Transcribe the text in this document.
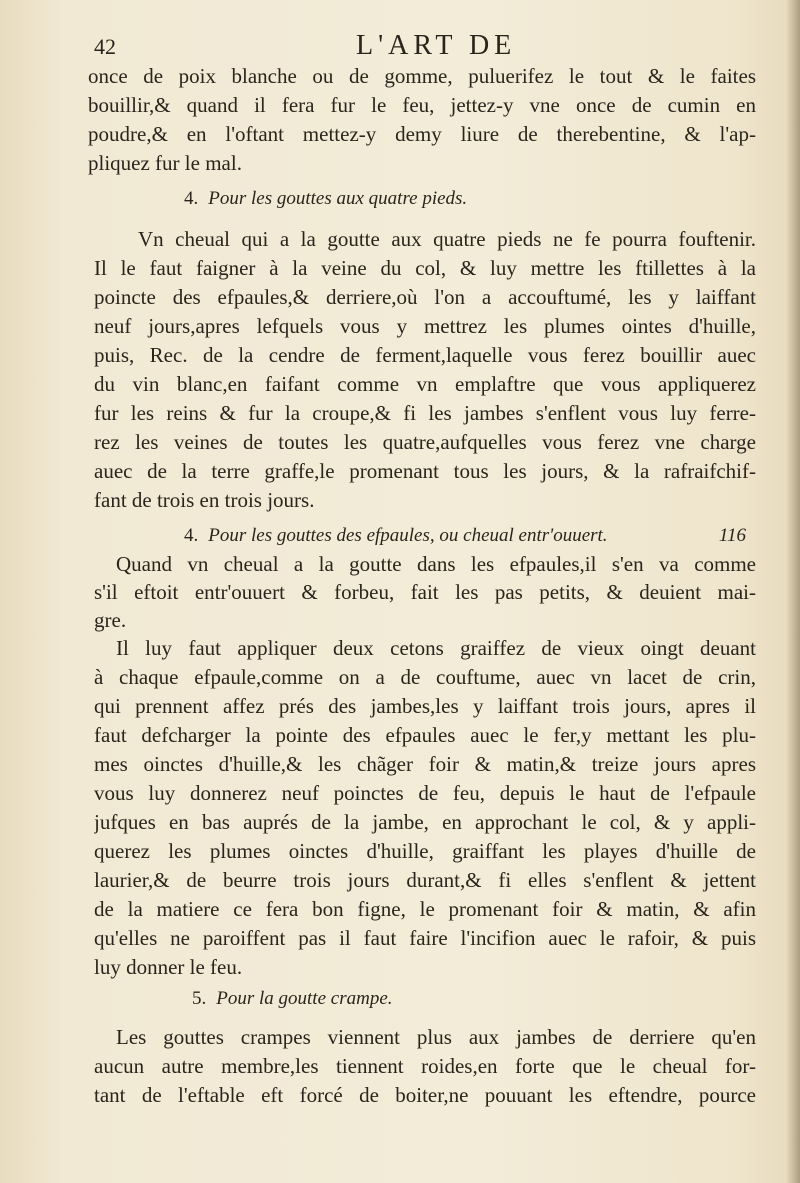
42	L'ART DE
once de poix blanche ou de gomme, puluerifez le tout & le faites
bouillir,& quand il fera fur le feu, jettez-y vne once de cumin en
poudre,& en l'oftant mettez-y demy liure de therebentine, & l'ap-
pliquez fur le mal.
4. Pour les gouttes aux quatre pieds.
Vn cheual qui a la goutte aux quatre pieds ne fe pourra fouftenir.
Il le faut faigner à la veine du col, & luy mettre les ftillettes à la
poincte des efpaules,& derriere,où l'on a accouftumé, les y laiffant
neuf jours,apres lefquels vous y mettrez les plumes ointes d'huille,
puis, Rec. de la cendre de ferment,laquelle vous ferez bouillir auec
du vin blanc,en faifant comme vn emplaftre que vous appliquerez
fur les reins & fur la croupe,& fi les jambes s'enflent vous luy ferre-
rez les veines de toutes les quatre,aufquelles vous ferez vne charge
auec de la terre graffe,le promenant tous les jours, & la rafraifchif-
fant de trois en trois jours.
4. Pour les gouttes des efpaules, ou cheual entr'ouuert.	116
Quand vn cheual a la goutte dans les efpaules,il s'en va comme
s'il eftoit entr'ouuert & forbeu, fait les pas petits, & deuient mai-
gre.
Il luy faut appliquer deux cetons graiffez de vieux oingt deuant
à chaque efpaule,comme on a de couftume, auec vn lacet de crin,
qui prennent affez prés des jambes,les y laiffant trois jours, apres il
faut defcharger la pointe des efpaules auec le fer,y mettant les plu-
mes oinctes d'huille,& les chãger foir & matin,& treize jours apres
vous luy donnerez neuf poinctes de feu, depuis le haut de l'efpaule
jufques en bas auprés de la jambe, en approchant le col, & y appli-
querez les plumes oinctes d'huille, graiffant les playes d'huille de
laurier,& de beurre trois jours durant,& fi elles s'enflent & jettent
de la matiere ce fera bon figne, le promenant foir & matin, & afin
qu'elles ne paroiffent pas il faut faire l'incifion auec le rafoir, & puis
luy donner le feu.
5. Pour la goutte crampe.
Les gouttes crampes viennent plus aux jambes de derriere qu'en
aucun autre membre,les tiennent roides,en forte que le cheual for-
tant de l'eftable eft forcé de boiter,ne pouuant les eftendre, pource
